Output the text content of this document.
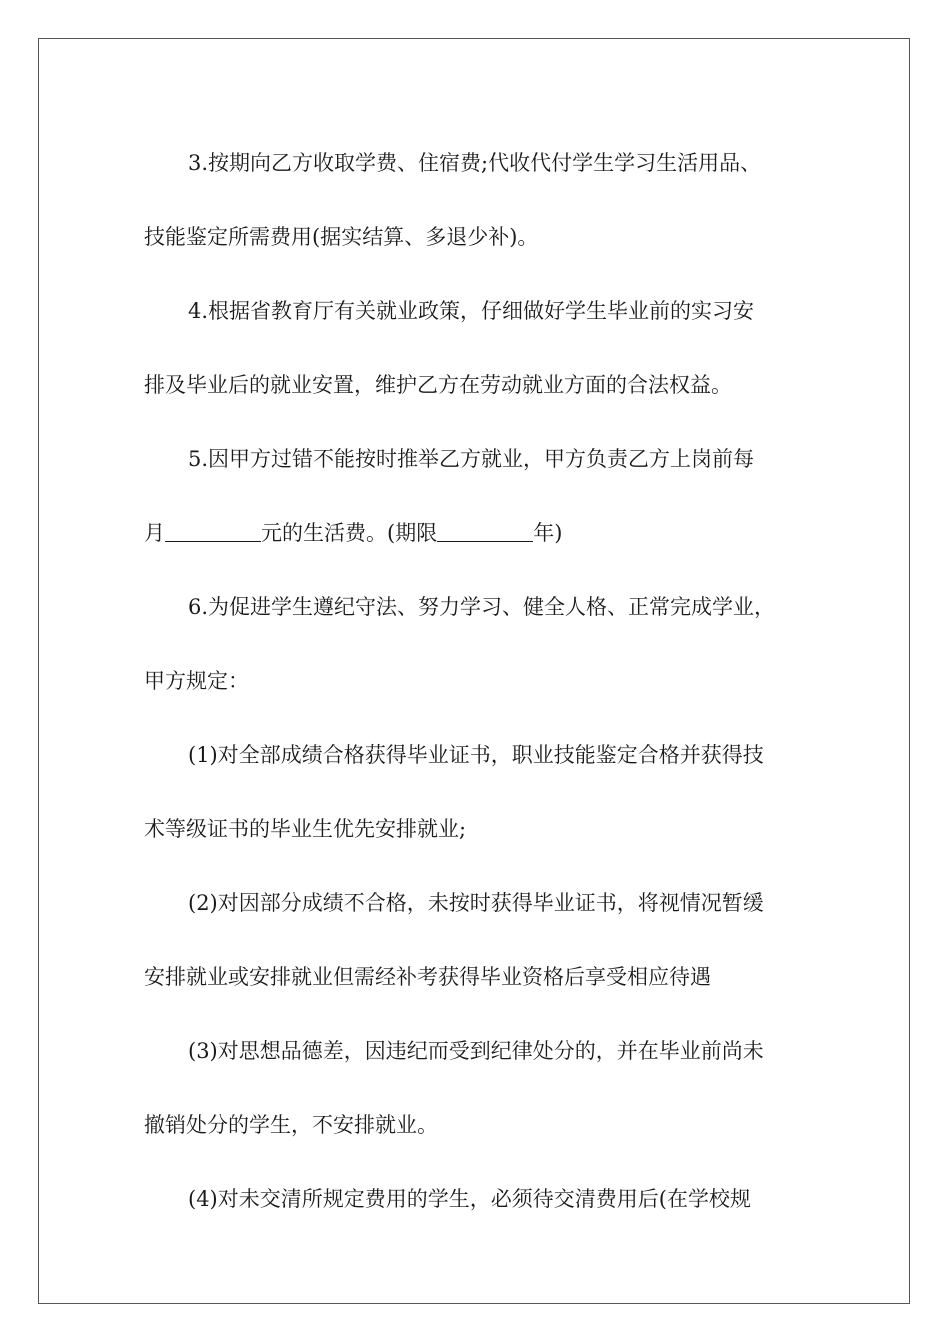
3.按期向乙方收取学费、住宿费;代收代付学生学习生活用品、
技能鉴定所需费用(据实结算、多退少补)。
4.根据省教育厅有关就业政策，仔细做好学生毕业前的实习安
排及毕业后的就业安置，维护乙方在劳动就业方面的合法权益。
5.因甲方过错不能按时推举乙方就业，甲方负责乙方上岗前每
月	元的生活费。(期限	年)
6.为促进学生遵纪守法、努力学习、健全人格、正常完成学业，
甲方规定：
(1)对全部成绩合格获得毕业证书，职业技能鉴定合格并获得技
术等级证书的毕业生优先安排就业;
(2)对因部分成绩不合格，未按时获得毕业证书，将视情况暂缓
安排就业或安排就业但需经补考获得毕业资格后享受相应待遇
(3)对思想品德差，因违纪而受到纪律处分的，并在毕业前尚未
撤销处分的学生，不安排就业。
(4)对未交清所规定费用的学生，必须待交清费用后(在学校规
